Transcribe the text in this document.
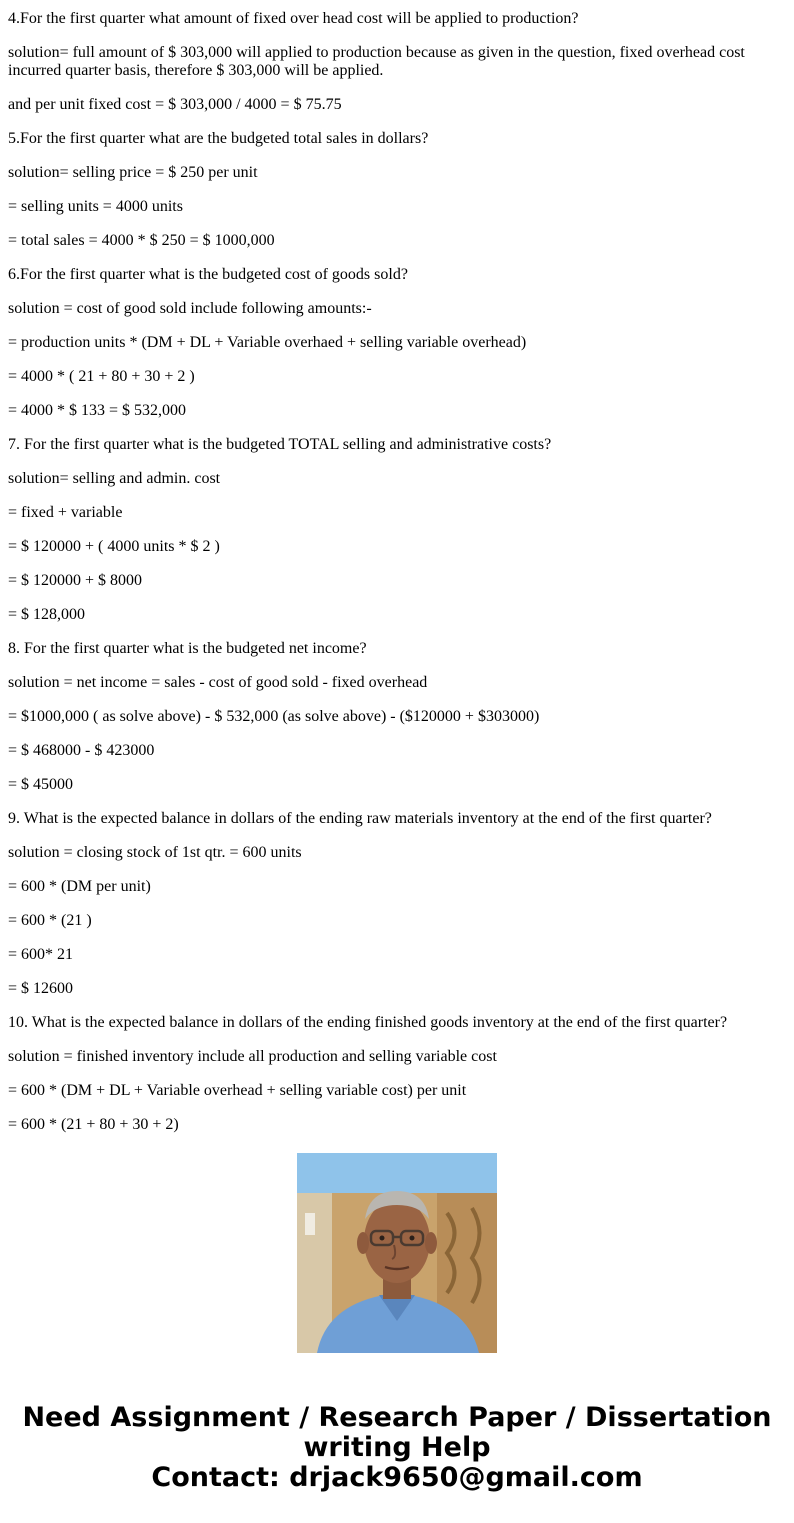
4.For the first quarter what amount of fixed over head cost will be applied to production?

solution= full amount of $ 303,000 will applied to production because as given in the question, fixed overhead cost incurred quarter basis, therefore $ 303,000 will be applied.

and per unit fixed cost = $ 303,000 / 4000 = $ 75.75

5.For the first quarter what are the budgeted total sales in dollars?

solution= selling price = $ 250 per unit

= selling units = 4000 units

= total sales = 4000 * $ 250 = $ 1000,000

6.For the first quarter what is the budgeted cost of goods sold?

solution = cost of good sold include following amounts:-

= production units * (DM + DL + Variable overhaed + selling variable overhead)

= 4000 * ( 21 + 80 + 30 + 2 )

= 4000 * $ 133 = $ 532,000

7. For the first quarter what is the budgeted TOTAL selling and administrative costs?

solution= selling and admin. cost

= fixed + variable

= $ 120000 + ( 4000 units * $ 2 )

= $ 120000 + $ 8000

= $ 128,000

8. For the first quarter what is the budgeted net income?

solution = net income = sales - cost of good sold - fixed overhead

= $1000,000 ( as solve above) - $ 532,000 (as solve above) - ($120000 + $303000)

= $ 468000 - $ 423000

= $ 45000

9. What is the expected balance in dollars of the ending raw materials inventory at the end of the first quarter?

solution = closing stock of 1st qtr. = 600 units

= 600 * (DM per unit)

= 600 * (21 )

= 600* 21

= $ 12600

10. What is the expected balance in dollars of the ending finished goods inventory at the end of the first quarter?

solution = finished inventory include all production and selling variable cost

= 600 * (DM + DL + Variable overhead + selling variable cost) per unit

= 600 * (21 + 80 + 30 + 2)

Need Assignment / Research Paper / Dissertation writing Help
Contact: drjack9650@gmail.com
